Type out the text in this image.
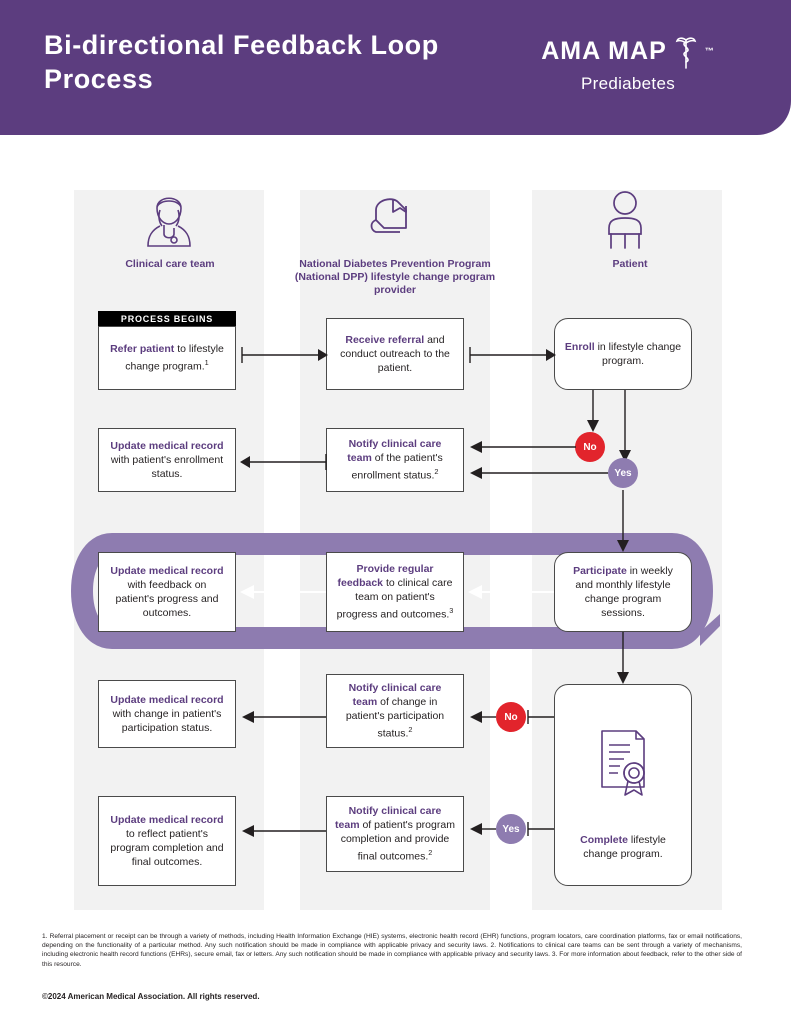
Bi-directional Feedback Loop Process
AMA MAP	™
Prediabetes
Clinical care team	National Diabetes Prevention Program (National DPP) lifestyle change program provider
Patient
PROCESS BEGINS
Refer patient to lifestyle change program.$^1$
Receive referral and conduct outreach to the patient.
Enroll in lifestyle change program.
Update medical record with patient's enrollment status.
Notify clinical care team of the patient's enrollment status.$^2$
No
Yes
Update medical record with feedback on patient's progress and outcomes.
Provide regular feedback to clinical care team on patient's progress and outcomes.$^3$
Participate in weekly and monthly lifestyle change program sessions.
Update medical record with change in patient's participation status.
Notify clinical care team of change in patient's participation status.$^2$
No
Update medical record to reflect patient's program completion and final outcomes.
Notify clinical care team of patient's program completion and provide final outcomes.$^2$
Yes
Complete lifestyle change program.
1. Referral placement or receipt can be through a variety of methods, including Health Information Exchange (HIE) systems, electronic health record (EHR) functions, program locators, care coordination platforms, fax or email notifications, depending on the functionality of a particular method. Any such notification should be made in compliance with applicable privacy and security laws. 2. Notifications to clinical care teams can be sent through a variety of mechanisms, including electronic health record functions (EHRs), secure email, fax or letters. Any such notification should be made in compliance with applicable privacy and security laws. 3. For more information about feedback, refer to the other side of this resource.
©2024 American Medical Association. All rights reserved.
